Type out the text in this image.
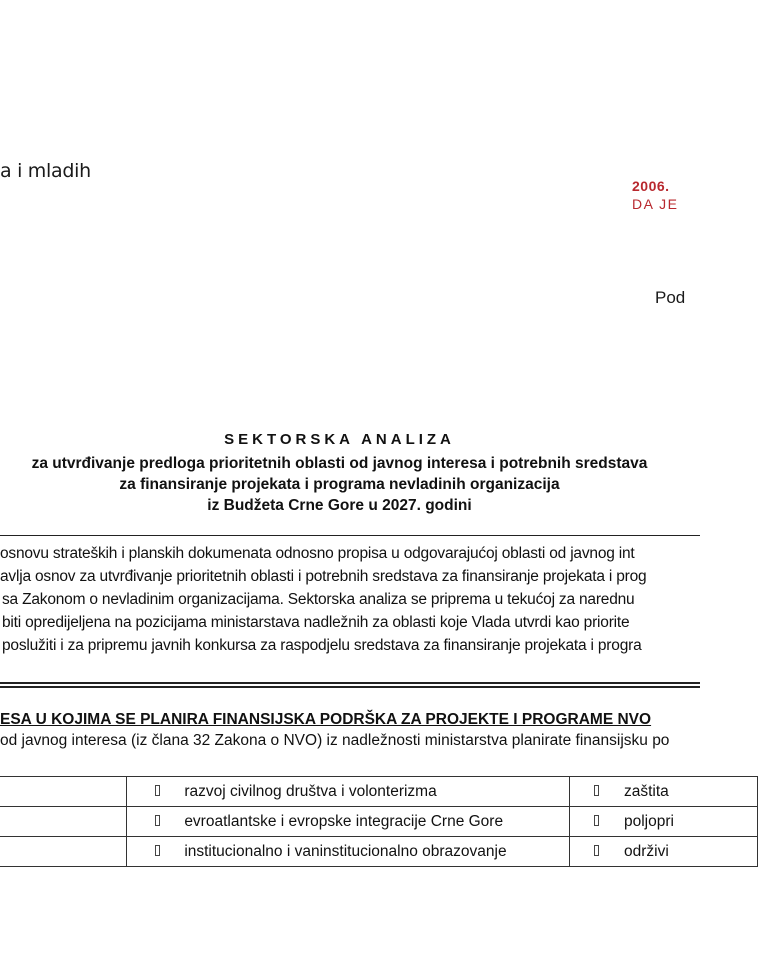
a i mladih
2006.
DA JE
Pod
SEKTORSKA ANALIZA
za utvrđivanje predloga prioritetnih oblasti od javnog interesa i potrebnih sredstava
za finansiranje projekata i programa nevladinih organizacija
iz Budžeta Crne Gore u 2027. godini
osnovu strateških i planskih dokumenata odnosno propisa u odgovarajućoj oblasti od javnog int
avlja osnov za utvrđivanje prioritetnih oblasti i potrebnih sredstava za finansiranje projekata i prog
sa Zakonom o nevladinim organizacijama. Sektorska analiza se priprema u tekućoj za narednu
biti opredijeljena na pozicijama ministarstava nadležnih za oblasti koje Vlada utvrdi kao priorite
poslužiti i za pripremu javnih konkursa za raspodjelu sredstava za finansiranje projekata i progra
ESA U KOJIMA SE PLANIRA FINANSIJSKA PODRŠKA ZA PROJEKTE I PROGRAME NVO
od javnog interesa (iz člana 32 Zakona o NVO) iz nadležnosti ministarstva planirate finansijsku po

	razvoj civilnog društva i volonterizma	zaštita

	evroatlantske i evropske integracije Crne Gore	poljopri

	institucionalno i vaninstitucionalno obrazovanje	održivi
